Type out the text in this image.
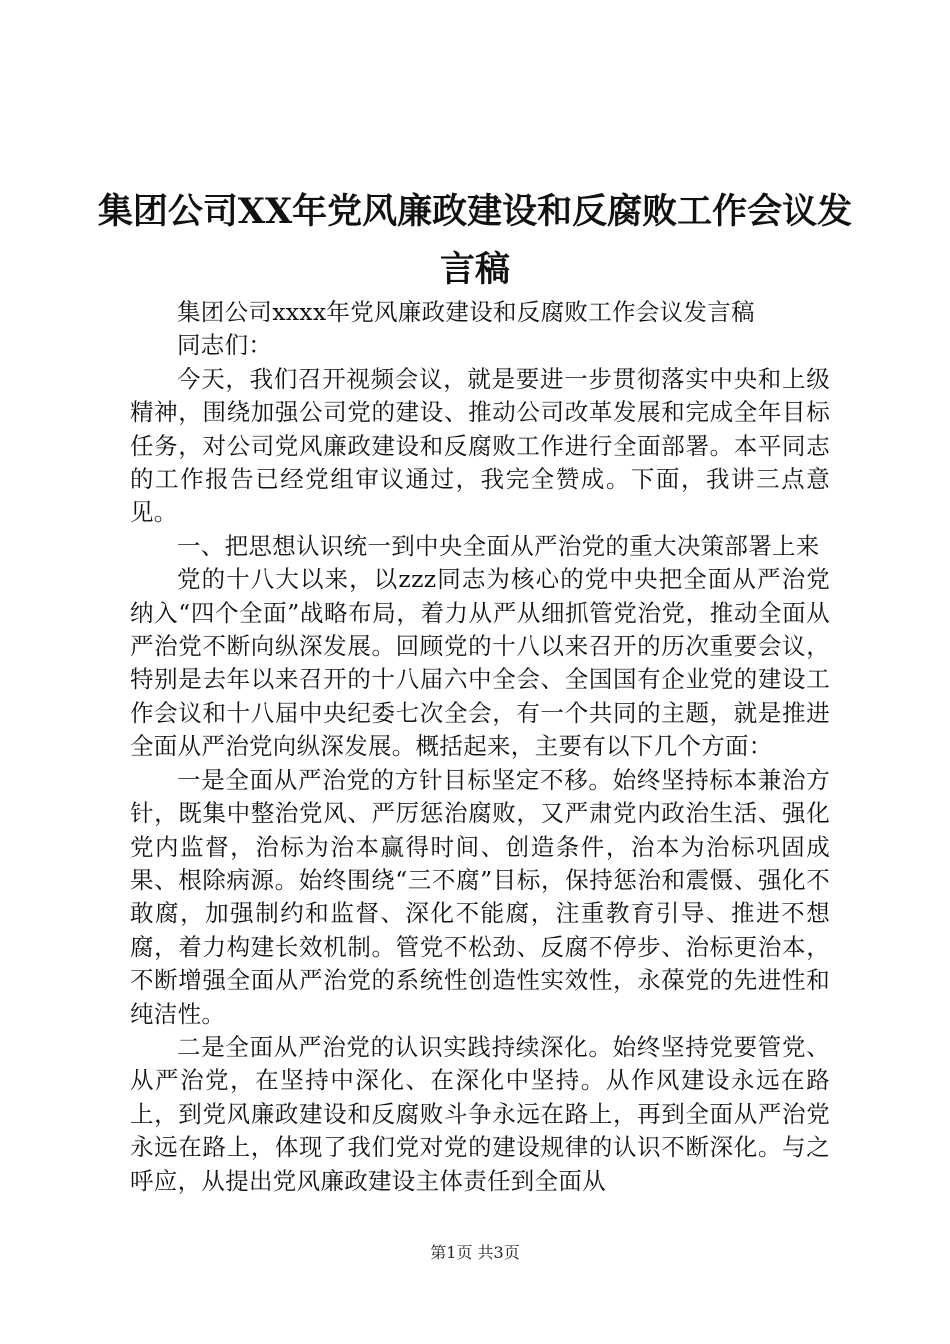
集团公司XX年党风廉政建设和反腐败工作会议发言稿

集团公司xxxx年党风廉政建设和反腐败工作会议发言稿

同志们：

今天，我们召开视频会议，就是要进一步贯彻落实中央和上级精神，围绕加强公司党的建设、推动公司改革发展和完成全年目标任务，对公司党风廉政建设和反腐败工作进行全面部署。本平同志的工作报告已经党组审议通过，我完全赞成。下面，我讲三点意见。

一、把思想认识统一到中央全面从严治党的重大决策部署上来

党的十八大以来，以zzz同志为核心的党中央把全面从严治党纳入“四个全面”战略布局，着力从严从细抓管党治党，推动全面从严治党不断向纵深发展。回顾党的十八以来召开的历次重要会议，特别是去年以来召开的十八届六中全会、全国国有企业党的建设工作会议和十八届中央纪委七次全会，有一个共同的主题，就是推进全面从严治党向纵深发展。概括起来，主要有以下几个方面：

一是全面从严治党的方针目标坚定不移。始终坚持标本兼治方针，既集中整治党风、严厉惩治腐败，又严肃党内政治生活、强化党内监督，治标为治本赢得时间、创造条件，治本为治标巩固成果、根除病源。始终围绕“三不腐”目标，保持惩治和震慑、强化不敢腐，加强制约和监督、深化不能腐，注重教育引导、推进不想腐，着力构建长效机制。管党不松劲、反腐不停步、治标更治本，不断增强全面从严治党的系统性创造性实效性，永葆党的先进性和纯洁性。

二是全面从严治党的认识实践持续深化。始终坚持党要管党、从严治党，在坚持中深化、在深化中坚持。从作风建设永远在路上，到党风廉政建设和反腐败斗争永远在路上，再到全面从严治党永远在路上，体现了我们党对党的建设规律的认识不断深化。与之呼应，从提出党风廉政建设主体责任到全面从

第1页 共3页
